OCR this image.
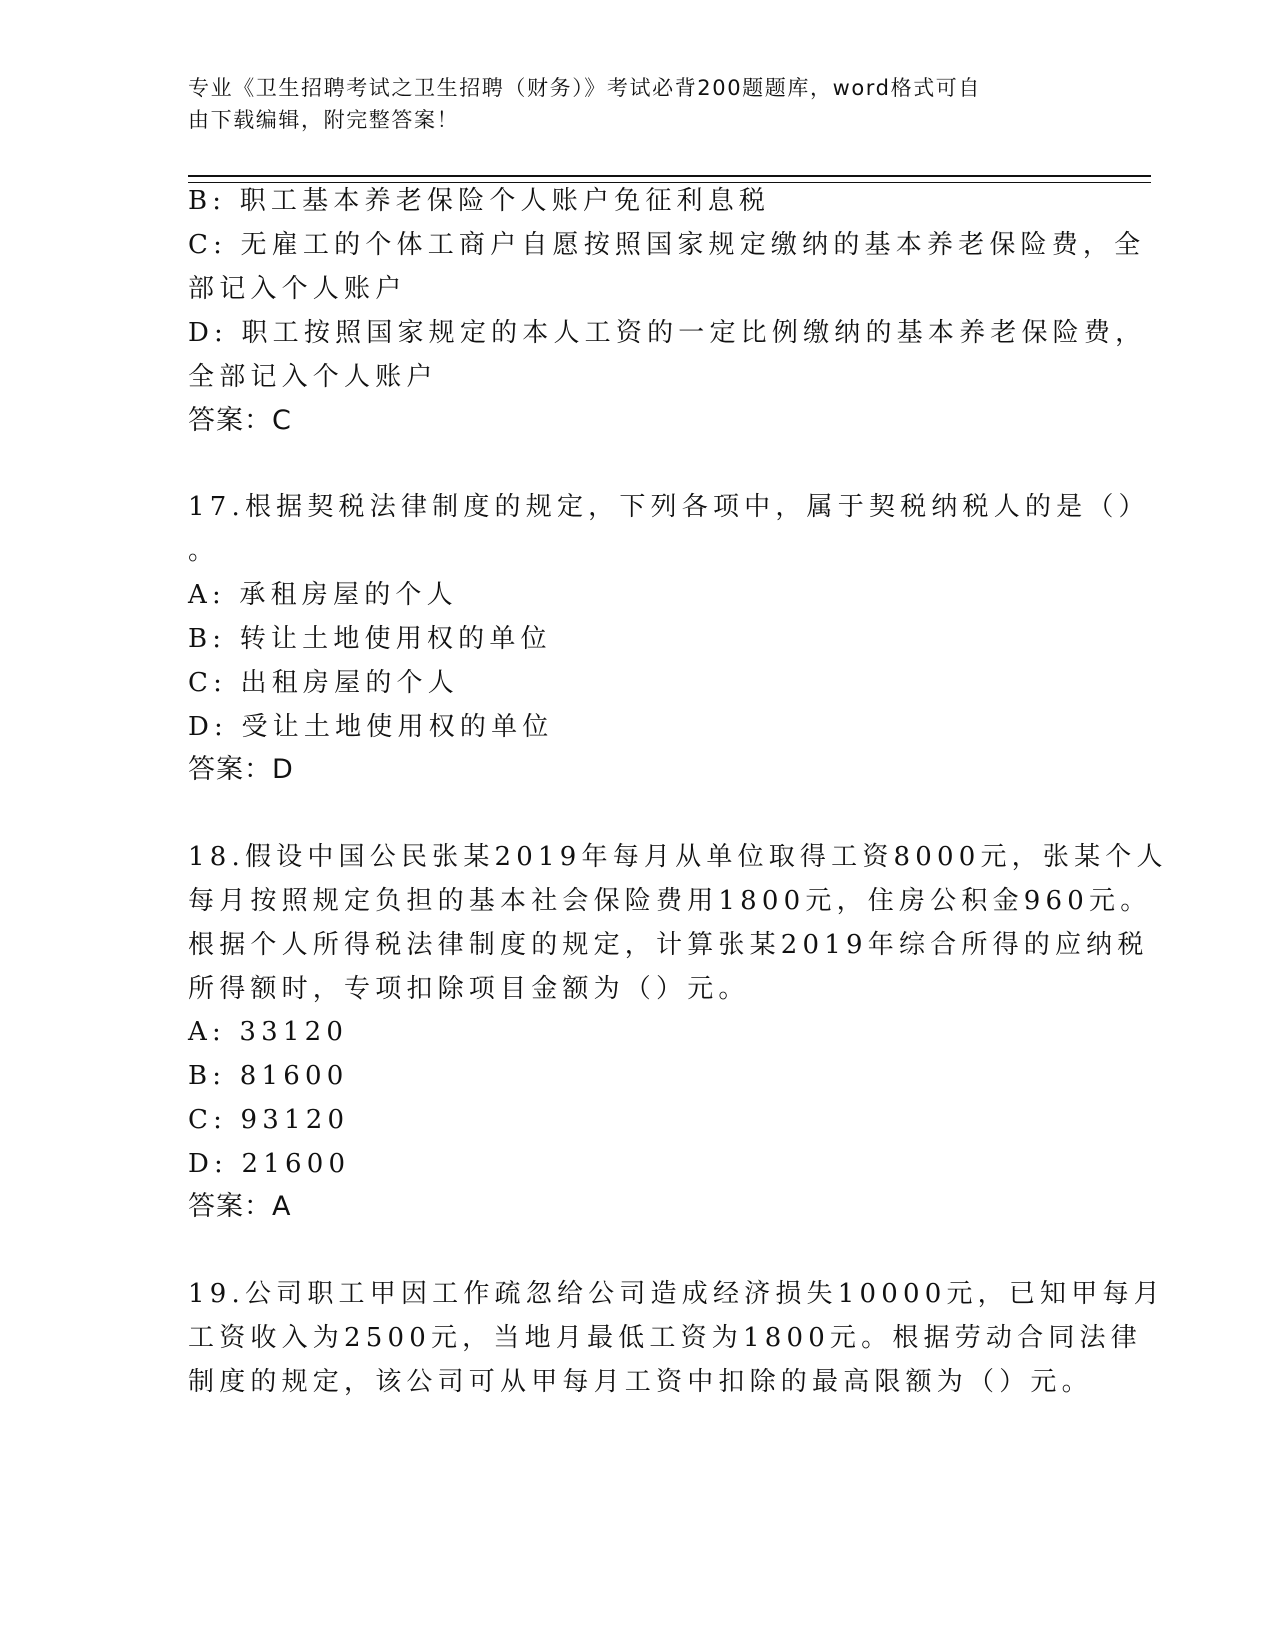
专业《卫生招聘考试之卫生招聘（财务）》考试必背200题题库，word格式可自
由下载编辑，附完整答案！
B: 职工基本养老保险个人账户免征利息税
C: 无雇工的个体工商户自愿按照国家规定缴纳的基本养老保险费，全
部记入个人账户
D: 职工按照国家规定的本人工资的一定比例缴纳的基本养老保险费，
全部记入个人账户
答案：C
17.根据契税法律制度的规定，下列各项中，属于契税纳税人的是（）
。
A: 承租房屋的个人
B: 转让土地使用权的单位
C: 出租房屋的个人
D: 受让土地使用权的单位
答案：D
18.假设中国公民张某2019年每月从单位取得工资8000元，张某个人
每月按照规定负担的基本社会保险费用1800元，住房公积金960元。
根据个人所得税法律制度的规定，计算张某2019年综合所得的应纳税
所得额时，专项扣除项目金额为（）元。
A: 33120
B: 81600
C: 93120
D: 21600
答案：A
19.公司职工甲因工作疏忽给公司造成经济损失10000元，已知甲每月
工资收入为2500元，当地月最低工资为1800元。根据劳动合同法律
制度的规定，该公司可从甲每月工资中扣除的最高限额为（）元。
